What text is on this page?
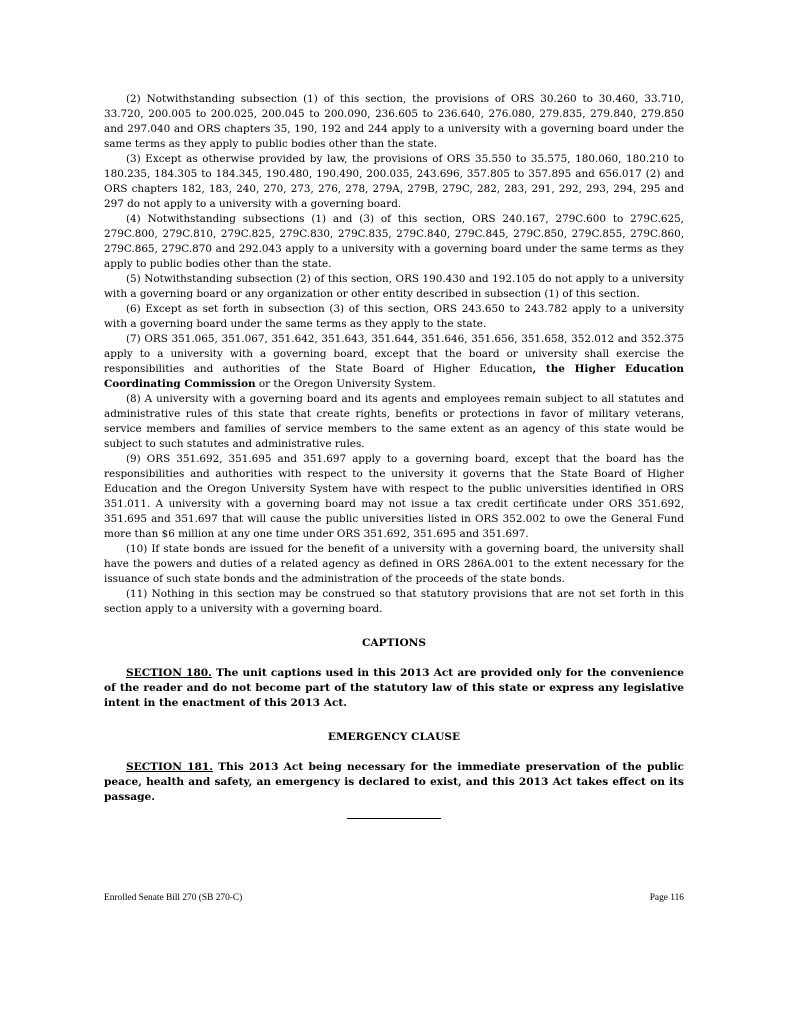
(2) Notwithstanding subsection (1) of this section, the provisions of ORS 30.260 to 30.460, 33.710, 33.720, 200.005 to 200.025, 200.045 to 200.090, 236.605 to 236.640, 276.080, 279.835, 279.840, 279.850 and 297.040 and ORS chapters 35, 190, 192 and 244 apply to a university with a governing board under the same terms as they apply to public bodies other than the state.

(3) Except as otherwise provided by law, the provisions of ORS 35.550 to 35.575, 180.060, 180.210 to 180.235, 184.305 to 184.345, 190.480, 190.490, 200.035, 243.696, 357.805 to 357.895 and 656.017 (2) and ORS chapters 182, 183, 240, 270, 273, 276, 278, 279A, 279B, 279C, 282, 283, 291, 292, 293, 294, 295 and 297 do not apply to a university with a governing board.

(4) Notwithstanding subsections (1) and (3) of this section, ORS 240.167, 279C.600 to 279C.625, 279C.800, 279C.810, 279C.825, 279C.830, 279C.835, 279C.840, 279C.845, 279C.850, 279C.855, 279C.860, 279C.865, 279C.870 and 292.043 apply to a university with a governing board under the same terms as they apply to public bodies other than the state.

(5) Notwithstanding subsection (2) of this section, ORS 190.430 and 192.105 do not apply to a university with a governing board or any organization or other entity described in subsection (1) of this section.

(6) Except as set forth in subsection (3) of this section, ORS 243.650 to 243.782 apply to a university with a governing board under the same terms as they apply to the state.

(7) ORS 351.065, 351.067, 351.642, 351.643, 351.644, 351.646, 351.656, 351.658, 352.012 and 352.375 apply to a university with a governing board, except that the board or university shall exercise the responsibilities and authorities of the State Board of Higher Education, the Higher Education Coordinating Commission or the Oregon University System.

(8) A university with a governing board and its agents and employees remain subject to all statutes and administrative rules of this state that create rights, benefits or protections in favor of military veterans, service members and families of service members to the same extent as an agency of this state would be subject to such statutes and administrative rules.

(9) ORS 351.692, 351.695 and 351.697 apply to a governing board, except that the board has the responsibilities and authorities with respect to the university it governs that the State Board of Higher Education and the Oregon University System have with respect to the public universities identified in ORS 351.011. A university with a governing board may not issue a tax credit certificate under ORS 351.692, 351.695 and 351.697 that will cause the public universities listed in ORS 352.002 to owe the General Fund more than $6 million at any one time under ORS 351.692, 351.695 and 351.697.

(10) If state bonds are issued for the benefit of a university with a governing board, the university shall have the powers and duties of a related agency as defined in ORS 286A.001 to the extent necessary for the issuance of such state bonds and the administration of the proceeds of the state bonds.

(11) Nothing in this section may be construed so that statutory provisions that are not set forth in this section apply to a university with a governing board.

CAPTIONS

SECTION 180. The unit captions used in this 2013 Act are provided only for the convenience of the reader and do not become part of the statutory law of this state or express any legislative intent in the enactment of this 2013 Act.

EMERGENCY CLAUSE

SECTION 181. This 2013 Act being necessary for the immediate preservation of the public peace, health and safety, an emergency is declared to exist, and this 2013 Act takes effect on its passage.

Enrolled Senate Bill 270 (SB 270-C)	Page 116
